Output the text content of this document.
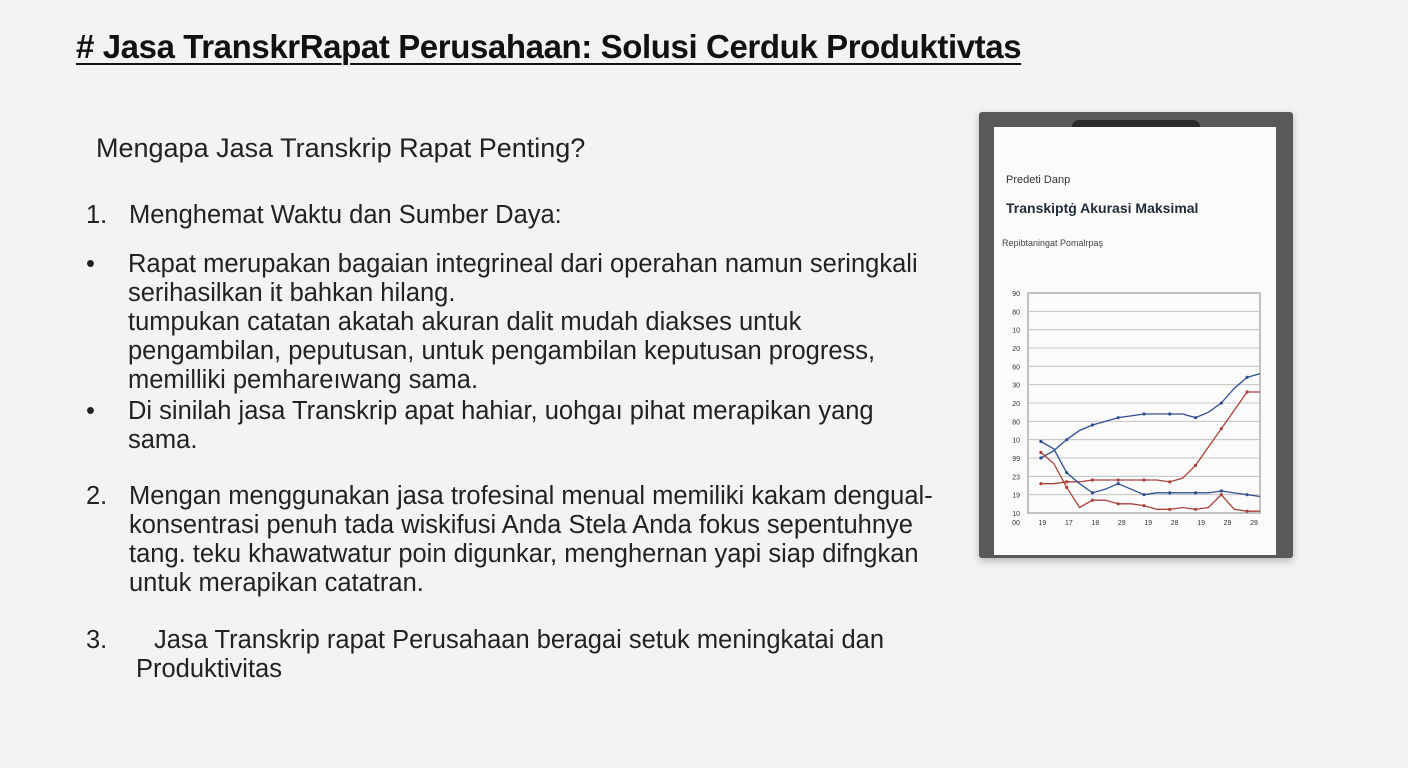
# Jasa TranskrRapat Perusahaan: Solusi Cerduk Produktivtas
Mengapa Jasa Transkrip Rapat Penting?
1. Menghemat Waktu dan Sumber Daya:
• Rapat merupakan bagaian integrineal dari operahan namun seringkali
serihasilkan it bahkan hilang.
tumpukan catatan akatah akuran dalit mudah diakses untuk
pengambilan, peputusan, untuk pengambilan keputusan progress,
memilliki pemhareıwang sama.
• Di sinilah jasa Transkrip apat hahiar, uohgaı pihat merapikan yang
sama.
2. Mengan menggunakan jasa trofesinal menual memiliki kakam dengual-
konsentrasi penuh tada wiskifusi Anda Stela Anda fokus sepentuhnye
tang. teku khawatwatur poin digunkar, menghernan yapi siap difngkan
untuk merapikan catatran.
3.	Jasa Transkrip rapat Perusahaan beragai setuk meningkatai dan
Produktivitas
Predeti Danp
Transkiptġ Akurasi Maksimal
Repibtaningat Pomalrpaş
90
80
10
20
60
30
20
80
10
99
23
19
10
00	19	17	18	29	19	28	19	29	29
